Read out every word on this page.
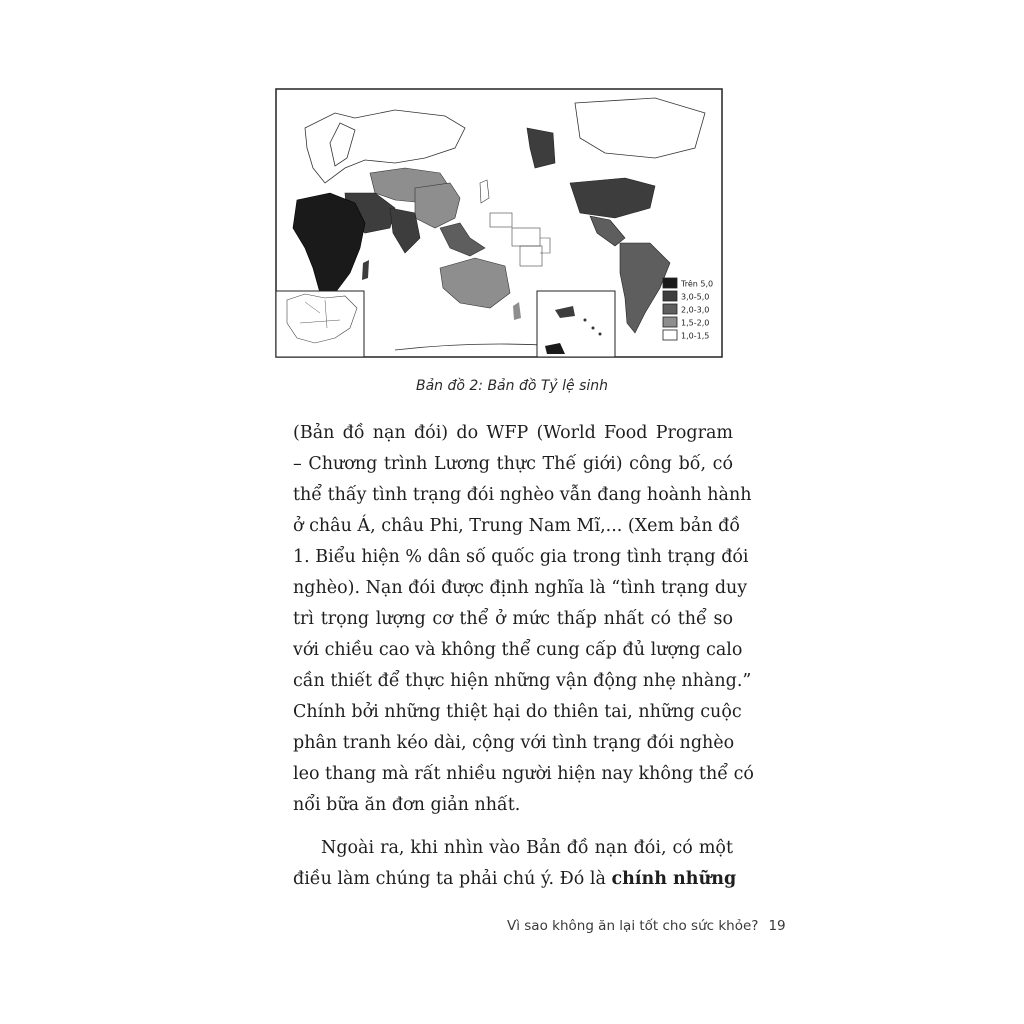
Trên 5,0
3,0-5,0
2,0-3,0
1,5-2,0
1,0-1,5
Bản đồ 2: Bản đồ Tỷ lệ sinh
(Bản đồ nạn đói) do WFP (World Food Program
– Chương trình Lương thực Thế giới) công bố, có
thể thấy tình trạng đói nghèo vẫn đang hoành hành
ở châu Á, châu Phi, Trung Nam Mĩ,... (Xem bản đồ
1. Biểu hiện % dân số quốc gia trong tình trạng đói
nghèo). Nạn đói được định nghĩa là “tình trạng duy
trì trọng lượng cơ thể ở mức thấp nhất có thể so
với chiều cao và không thể cung cấp đủ lượng calo
cần thiết để thực hiện những vận động nhẹ nhàng.”
Chính bởi những thiệt hại do thiên tai, những cuộc
phân tranh kéo dài, cộng với tình trạng đói nghèo
leo thang mà rất nhiều người hiện nay không thể có
nổi bữa ăn đơn giản nhất.
Ngoài ra, khi nhìn vào Bản đồ nạn đói, có một
điều làm chúng ta phải chú ý. Đó là chính những
Vì sao không ăn lại tốt cho sức khỏe? 19
